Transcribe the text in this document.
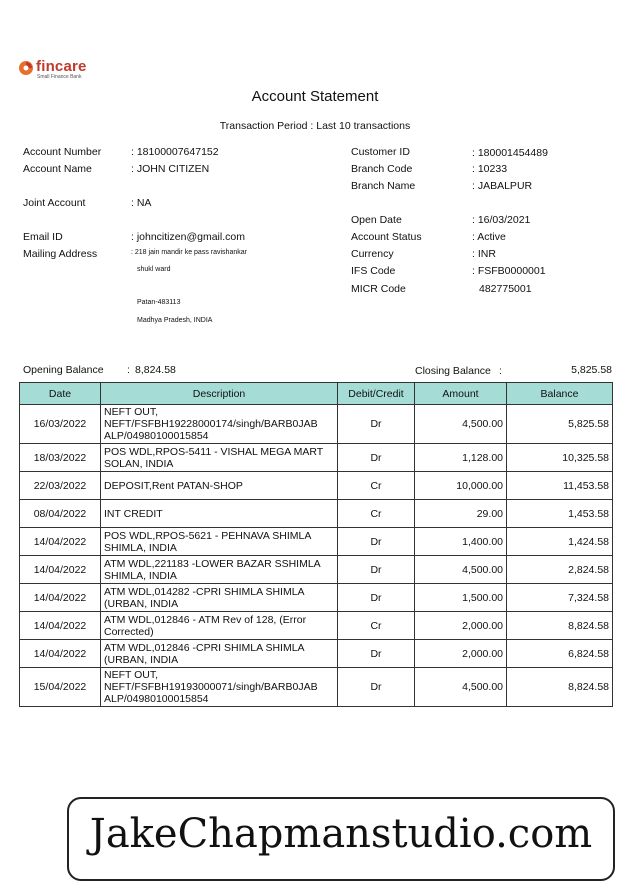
fincare
Small Finance Bank
Account Statement
Transaction Period : Last 10 transactions
Account Number	: 18100007647152
Account Name	: JOHN CITIZEN
Joint Account	: NA
Email ID	: johncitizen@gmail.com
Mailing Address	: 218 jain mandir ke pass ravishankar
shukl ward
Patan-483113
Madhya Pradesh, INDIA
Customer ID	: 180001454489
Branch Code	: 10233
Branch Name	: JABALPUR
Open Date	: 16/03/2021
Account Status	: Active
Currency	: INR
IFS Code	: FSFB0000001
MICR Code	482775001
Opening Balance : 8,824.58	Closing Balance :	5,825.58
Date	Description	Debit/Credit	Amount	Balance
16/03/2022	NEFT OUT, NEFT/FSFBH19228000174/singh/BARB0JAB ALP/04980100015854	Dr	4,500.00	5,825.58
18/03/2022	POS WDL,RPOS-5411 - VISHAL MEGA MART SOLAN, INDIA	Dr	1,128.00	10,325.58
22/03/2022	DEPOSIT,Rent PATAN-SHOP	Cr	10,000.00	11,453.58
08/04/2022	INT CREDIT	Cr	29.00	1,453.58
14/04/2022	POS WDL,RPOS-5621 - PEHNAVA SHIMLA SHIMLA, INDIA	Dr	1,400.00	1,424.58
14/04/2022	ATM WDL,221183 -LOWER BAZAR SSHIMLA SHIMLA, INDIA	Dr	4,500.00	2,824.58
14/04/2022	ATM WDL,014282 -CPRI SHIMLA SHIMLA (URBAN, INDIA	Dr	1,500.00	7,324.58
14/04/2022	ATM WDL,012846 - ATM Rev of 128, (Error Corrected)	Cr	2,000.00	8,824.58
14/04/2022	ATM WDL,012846 -CPRI SHIMLA SHIMLA (URBAN, INDIA	Dr	2,000.00	6,824.58
15/04/2022	NEFT OUT, NEFT/FSFBH19193000071/singh/BARB0JAB ALP/04980100015854	Dr	4,500.00	8,824.58
JakeChapmanstudio.com
